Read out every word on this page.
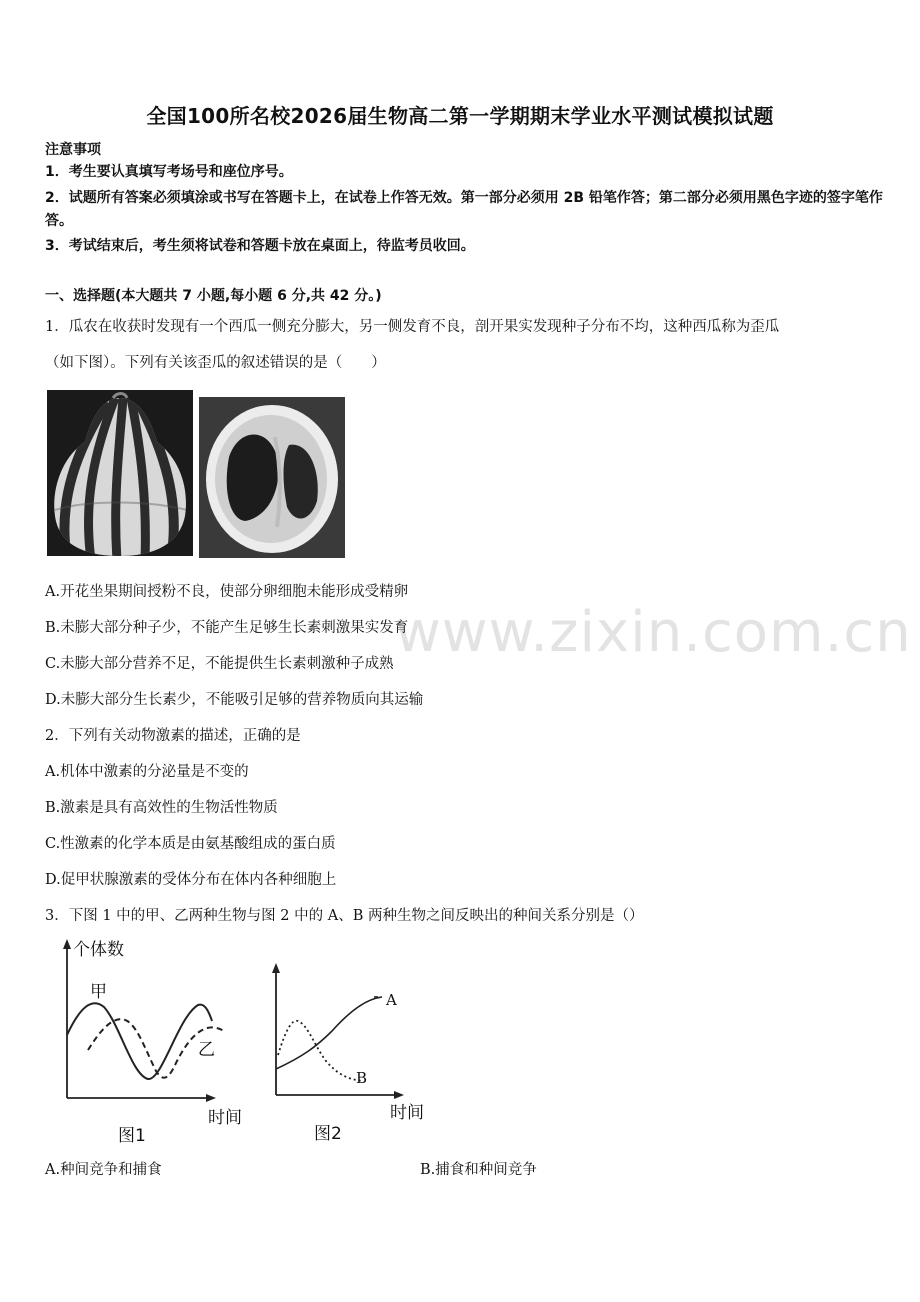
全国100所名校2026届生物高二第一学期期末学业水平测试模拟试题
注意事项
1．考生要认真填写考场号和座位序号。
2．试题所有答案必须填涂或书写在答题卡上，在试卷上作答无效。第一部分必须用 2B 铅笔作答；第二部分必须用黑色字迹的签字笔作答。
3．考试结束后，考生须将试卷和答题卡放在桌面上，待监考员收回。
一、选择题(本大题共 7 小题,每小题 6 分,共 42 分。)
www.zixin.com.cn
1．瓜农在收获时发现有一个西瓜一侧充分膨大，另一侧发育不良，剖开果实发现种子分布不均，这种西瓜称为歪瓜
（如下图）。下列有关该歪瓜的叙述错误的是（　　）
A.开花坐果期间授粉不良，使部分卵细胞未能形成受精卵
B.未膨大部分种子少，不能产生足够生长素刺激果实发育
C.未膨大部分营养不足，不能提供生长素刺激种子成熟
D.未膨大部分生长素少，不能吸引足够的营养物质向其运输
2．下列有关动物激素的描述，正确的是
A.机体中激素的分泌量是不变的
B.激素是具有高效性的生物活性物质
C.性激素的化学本质是由氨基酸组成的蛋白质
D.促甲状腺激素的受体分布在体内各种细胞上
3．下图 1 中的甲、乙两种生物与图 2 中的 A、B 两种生物之间反映出的种间关系分别是（）
个体数
甲
乙
时间
图1
A
B
时间
图2
A.种间竞争和捕食	B.捕食和种间竞争
